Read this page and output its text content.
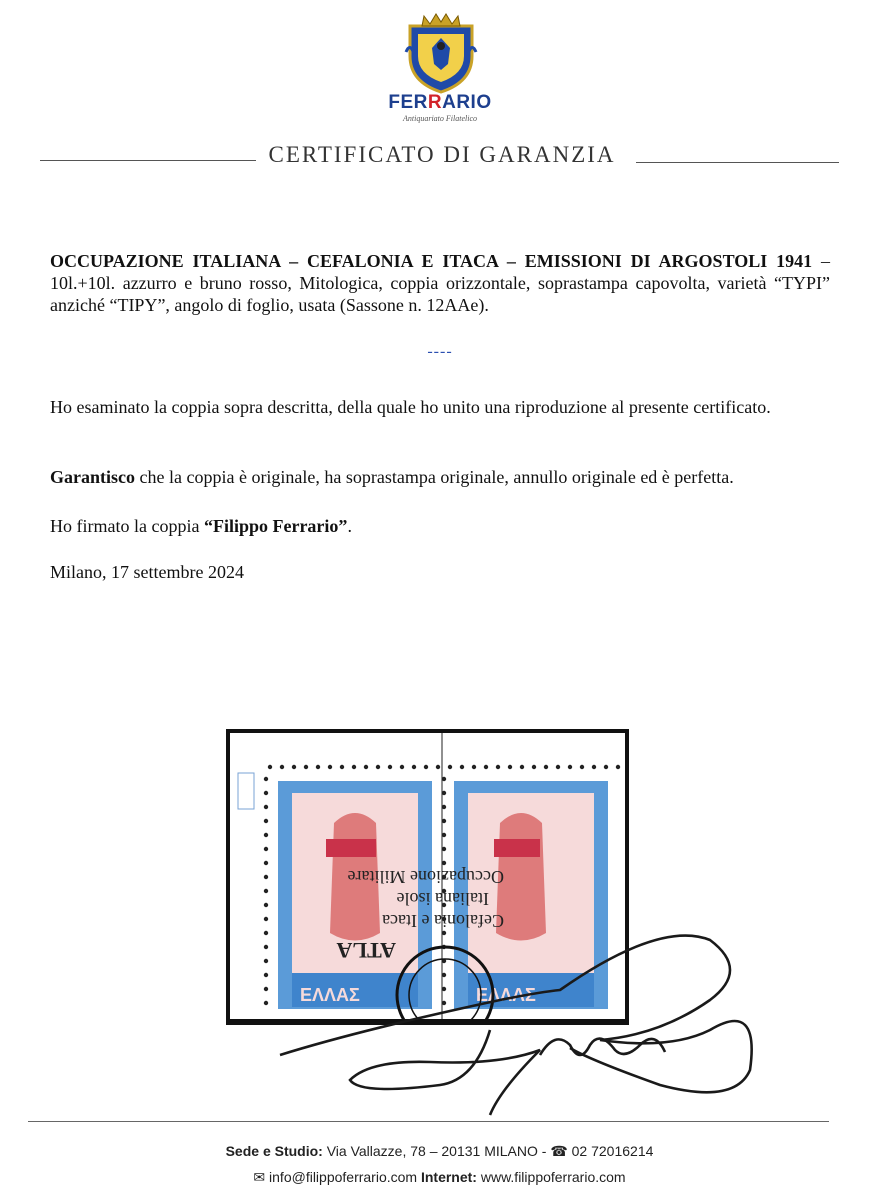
FERRARIO
Antiquariato Filatelico
CERTIFICATO DI GARANZIA
OCCUPAZIONE ITALIANA – CEFALONIA E ITACA – EMISSIONI DI ARGOSTOLI 1941 – 10l.+10l. azzurro e bruno rosso, Mitologica, coppia orizzontale, soprastampa capovolta, varietà “TYPI” anziché “TIPY”, angolo di foglio, usata (Sassone n. 12AAe).
----
Ho esaminato la coppia sopra descritta, della quale ho unito una riproduzione al presente certificato.
Garantisco che la coppia è originale, ha soprastampa originale, annullo originale ed è perfetta.
Ho firmato la coppia “Filippo Ferrario”.
Milano, 17 settembre 2024
Occupazione Militare
Italiana isole
Cefalonia e Itaca
ATLA
ΕΛΛΑΣ	ΕΛΛΑΣ
Sede e Studio: Via Vallazze, 78 – 20131 MILANO - ☎ 02 72016214
✉ info@filippoferrario.com Internet: www.filippoferrario.com
